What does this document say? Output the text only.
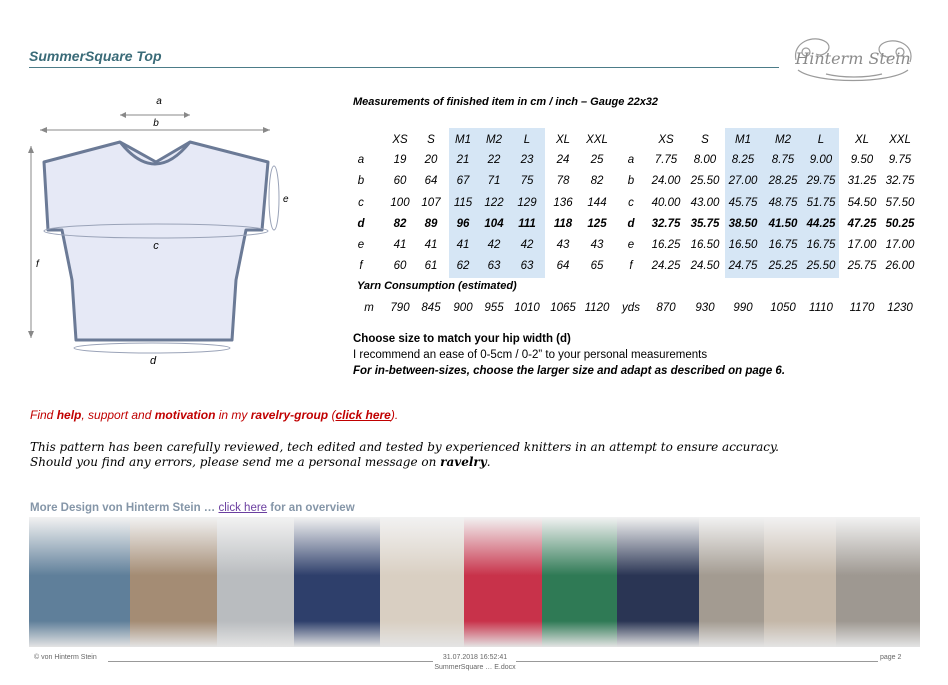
SummerSquare Top	Hinterm Stein
a
b
c
d
e
f
Measurements of finished item in cm / inch – Gauge 22x32
XS	S	M1	M2	L	XL	XXL	XS	S	M1	M2	L	XL	XXL
a	19	20	21	22	23	24	25	a	7.75	8.00	8.25	8.75	9.00	9.50	9.75
b	60	64	67	71	75	78	82	b	24.00 25.50 27.00 28.25 29.75	31.25 32.75
c	100	107	115	122	129	136	144	c	40.00 43.00 45.75 48.75 51.75	54.50 57.50
d	82	89	96	104	111	118	125	d	32.75 35.75 38.50 41.50 44.25	47.25 50.25
e	41	41	41	42	42	43	43	e	16.25 16.50 16.50 16.75 16.75	17.00 17.00
f	60	61	62	63	63	64	65	f	24.25 24.50 24.75 25.25 25.50	25.75 26.00
m	790	845	900	955 1010 1065 1120	yds	870	930	990	1050	1110	1170	1230
Yarn Consumption (estimated)
Choose size to match your hip width (d)
I recommend an ease of 0-5cm / 0-2” to your personal measurements
For in-between-sizes, choose the larger size and adapt as described on page 6.
Find help, support and motivation in my ravelry-group (click here).
This pattern has been carefully reviewed, tech edited and tested by experienced knitters in an attempt to ensure accuracy.
Should you find any errors, please send me a personal message on ravelry.
More Design von Hinterm Stein … click here for an overview
© von Hinterm Stein	31.07.2018 16:52:41
SummerSquare … E.docx
page 2
